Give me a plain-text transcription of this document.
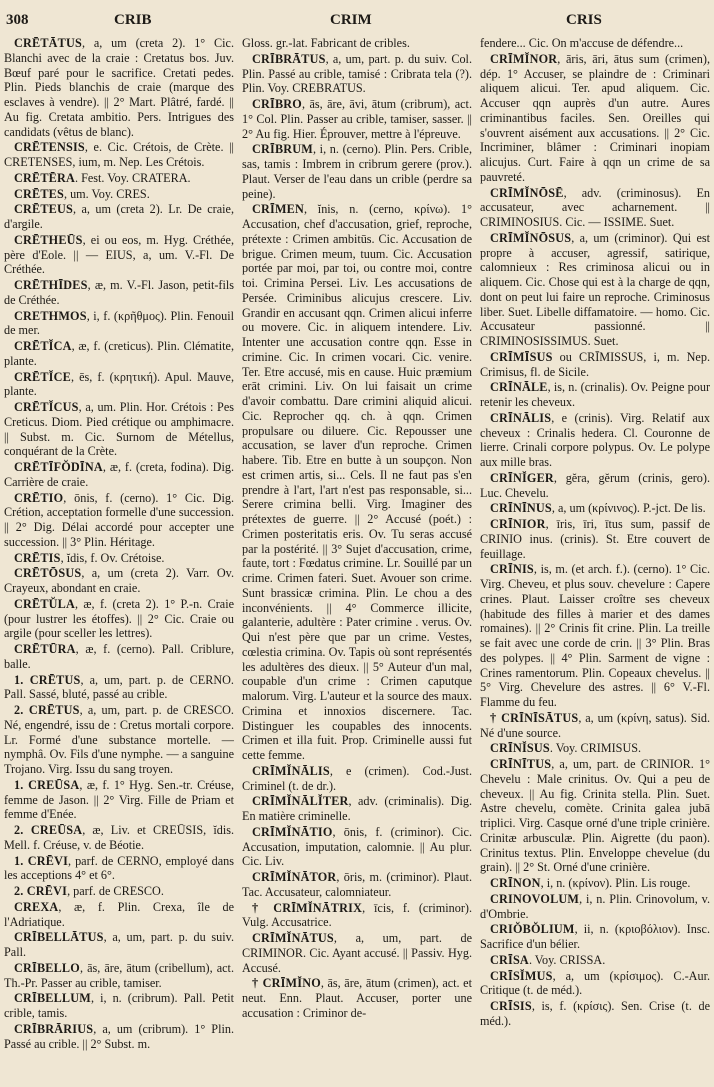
308	CRIB	CRIM	CRIS

CRĒTĀTUS, a, um (creta 2). 1° Cic. Blanchi avec de la craie : Cretatus bos. Juv. Bœuf paré pour le sacrifice. Cretati pedes. Plin. Pieds blanchis de craie (marque des esclaves à vendre). || 2° Mart. Plâtré, fardé. || Au fig. Cretata ambitio. Pers. Intrigues des candidats (vêtus de blanc).

CRĒTENSIS, e. Cic. Crétois, de Crète. || CRETENSES, ium, m. Nep. Les Crétois.

CRĒTĒRA. Fest. Voy. CRATERA.

CRĒTES, um. Voy. CRES.

CRĒTEUS, a, um (creta 2). Lr. De craie, d'argile.

CRĒTHEŪS, ei ou eos, m. Hyg. Créthée, père d'Eole. || — EIUS, a, um. V.-Fl. De Créthée.

CRĒTHĪDES, æ, m. V.-Fl. Jason, petit-fils de Créthée.

CRETHMOS, i, f. (κρῆθμος). Plin. Fenouil de mer.

CRĒTĬCA, æ, f. (creticus). Plin. Clématite, plante.

CRĒTĬCE, ēs, f. (κρητική). Apul. Mauve, plante.

CRĒTĬCUS, a, um. Plin. Hor. Crétois : Pes Creticus. Diom. Pied crétique ou amphimacre. || Subst. m. Cic. Surnom de Métellus, conquérant de la Crète.

CRĒTĪFŎDĪNA, æ, f. (creta, fodina). Dig. Carrière de craie.

CRĒTIO, ōnis, f. (cerno). 1° Cic. Dig. Crétion, acceptation formelle d'une succession. || 2° Dig. Délai accordé pour accepter une succession. || 3° Plin. Héritage.

CRĒTIS, ĭdis, f. Ov. Crétoise.

CRĒTŌSUS, a, um (creta 2). Varr. Ov. Crayeux, abondant en craie.

CRĒTŬLA, æ, f. (creta 2). 1° P.-n. Craie (pour lustrer les étoffes). || 2° Cic. Craie ou argile (pour sceller les lettres).

CRĒTŪRA, æ, f. (cerno). Pall. Criblure, balle.

1. CRĒTUS, a, um, part. p. de CERNO. Pall. Sassé, bluté, passé au crible.

2. CRĒTUS, a, um, part. p. de CRESCO. Né, engendré, issu de : Cretus mortali corpore. Lr. Formé d'une substance mortelle. — nymphâ. Ov. Fils d'une nymphe. — a sanguine Trojano. Virg. Issu du sang troyen.

1. CREŪSA, æ, f. 1° Hyg. Sen.-tr. Créuse, femme de Jason. || 2° Virg. Fille de Priam et femme d'Enée.

2. CREŪSA, æ, Liv. et CREŪSIS, ĭdis. Mell. f. Créuse, v. de Béotie.

1. CRĒVI, parf. de CERNO, employé dans les acceptions 4° et 6°.

2. CRĒVI, parf. de CRESCO.

CREXA, æ, f. Plin. Crexa, île de l'Adriatique.

CRĪBELLĀTUS, a, um, part. p. du suiv. Pall.

CRĪBELLO, ās, āre, ātum (cribellum), act. Th.-Pr. Passer au crible, tamiser.

CRĪBELLUM, i, n. (cribrum). Pall. Petit crible, tamis.

CRĪBRĀRIUS, a, um (cribrum). 1° Plin. Passé au crible. || 2° Subst. m.

Gloss. gr.-lat. Fabricant de cribles.

CRĪBRĀTUS, a, um, part. p. du suiv. Col. Plin. Passé au crible, tamisé : Cribrata tela (?). Plin. Voy. CREBRATUS.

CRĪBRO, ās, āre, āvi, ātum (cribrum), act. 1° Col. Plin. Passer au crible, tamiser, sasser. || 2° Au fig. Hier. Éprouver, mettre à l'épreuve.

CRĪBRUM, i, n. (cerno). Plin. Pers. Crible, sas, tamis : Imbrem in cribrum gerere (prov.). Plaut. Verser de l'eau dans un crible (perdre sa peine).

CRĪMEN, ĭnis, n. (cerno, κρίνω). 1° Accusation, chef d'accusation, grief, reproche, prétexte : Crimen ambitūs. Cic. Accusation de brigue. Crimen meum, tuum. Cic. Accusation portée par moi, par toi, ou contre moi, contre toi. Crimina Persei. Liv. Les accusations de Persée. Criminibus alicujus crescere. Liv. Grandir en accusant qqn. Crimen alicui inferre ou movere. Cic. in aliquem intendere. Liv. Intenter une accusation contre qqn. Esse in crimine. Cic. In crimen vocari. Cic. venire. Ter. Etre accusé, mis en cause. Huic præmium erāt crimini. Liv. On lui faisait un crime d'avoir combattu. Dare crimini aliquid alicui. Cic. Reprocher qq. ch. à qqn. Crimen propulsare ou diluere. Cic. Repousser une accusation, se laver d'un reproche. Crimen habere. Tib. Etre en butte à un soupçon. Non est crimen artis, si... Cels. Il ne faut pas s'en prendre à l'art, l'art n'est pas responsable, si... Serere crimina belli. Virg. Imaginer des prétextes de guerre. || 2° Accusé (poét.) : Crimen posteritatis eris. Ov. Tu seras accusé par la postérité. || 3° Sujet d'accusation, crime, faute, tort : Fœdatus crimine. Lr. Souillé par un crime. Crimen fateri. Suet. Avouer son crime. Sunt brassicæ crimina. Plin. Le chou a des inconvénients. || 4° Commerce illicite, galanterie, adultère : Pater crimine . verus. Ov. Qui n'est père que par un crime. Vestes, cœlestia crimina. Ov. Tapis où sont représentés les adultères des dieux. || 5° Auteur d'un mal, coupable d'un crime : Crimen caputque malorum. Virg. L'auteur et la source des maux. Crimina et innoxios discernere. Tac. Distinguer les coupables des innocents. Crimen et illa fuit. Prop. Criminelle aussi fut cette femme.

CRĪMĬNĀLIS, e (crimen). Cod.-Just. Criminel (t. de dr.).

CRĪMĬNĀLĬTER, adv. (criminalis). Dig. En matière criminelle.

CRĪMĬNĀTIO, ōnis, f. (criminor). Cic. Accusation, imputation, calomnie. || Au plur. Cic. Liv.

CRĪMĬNĀTOR, ōris, m. (criminor). Plaut. Tac. Accusateur, calomniateur.

† CRĪMĬNĀTRIX, īcis, f. (criminor). Vulg. Accusatrice.

CRĪMĬNĀTUS, a, um, part. de CRIMINOR. Cic. Ayant accusé. || Passiv. Hyg. Accusé.

† CRĪMĬNO, ās, āre, ātum (crimen), act. et neut. Enn. Plaut. Accuser, porter une accusation : Criminor de-

fendere... Cic. On m'accuse de défendre...

CRĪMĬNOR, āris, āri, ātus sum (crimen), dép. 1° Accuser, se plaindre de : Criminari aliquem alicui. Ter. apud aliquem. Cic. Accuser qqn auprès d'un autre. Aures criminantibus faciles. Sen. Oreilles qui s'ouvrent aisément aux accusations. || 2° Cic. Incriminer, blâmer : Criminari inopiam alicujus. Curt. Faire à qqn un crime de sa pauvreté.

CRĪMĬNŌSĒ, adv. (criminosus). En accusateur, avec acharnement. || CRIMINOSIUS. Cic. — ISSIME. Suet.

CRĪMĬNŌSUS, a, um (criminor). Qui est propre à accuser, agressif, satirique, calomnieux : Res criminosa alicui ou in aliquem. Cic. Chose qui est à la charge de qqn, dont on peut lui faire un reproche. Criminosus liber. Suet. Libelle diffamatoire. — homo. Cic. Accusateur passionné. || CRIMINOSISSIMUS. Suet.

CRĪMĪSUS ou CRĪMISSUS, i, m. Nep. Crimisus, fl. de Sicile.

CRĪNĀLE, is, n. (crinalis). Ov. Peigne pour retenir les cheveux.

CRĪNĀLIS, e (crinis). Virg. Relatif aux cheveux : Crinalis hedera. Cl. Couronne de lierre. Crinali corpore polypus. Ov. Le polype aux mille bras.

CRĪNĬGER, gĕra, gĕrum (crinis, gero). Luc. Chevelu.

CRĪNĪNUS, a, um (κρίνινος). P.-jct. De lis.

CRĪNIOR, īris, īri, ītus sum, passif de CRINIO inus. (crinis). St. Etre couvert de feuillage.

CRĪNIS, is, m. (et arch. f.). (cerno). 1° Cic. Virg. Cheveu, et plus souv. chevelure : Capere crines. Plaut. Laisser croître ses cheveux (habitude des filles à marier et des dames romaines). || 2° Crinis fit crine. Plin. La treille se fait avec une corde de crin. || 3° Plin. Bras des polypes. || 4° Plin. Sarment de vigne : Crines ramentorum. Plin. Copeaux chevelus. || 5° Virg. Chevelure des astres. || 6° V.-Fl. Flamme du feu.

† CRĪNĪSĀTUS, a, um (κρίνη, satus). Sid. Né d'une source.

CRĪNĬSUS. Voy. CRIMISUS.

CRĪNĪTUS, a, um, part. de CRINIOR. 1° Chevelu : Male crinitus. Ov. Qui a peu de cheveux. || Au fig. Crinita stella. Plin. Suet. Astre chevelu, comète. Crinita galea jubā triplici. Virg. Casque orné d'une triple crinière. Crinitæ arbusculæ. Plin. Aigrette (du paon). Crinitus textus. Plin. Enveloppe chevelue (du grain). || 2° St. Orné d'une crinière.

CRĪNON, i, n. (κρίνον). Plin. Lis rouge.

CRINOVOLUM, i, n. Plin. Crinovolum, v. d'Ombrie.

CRIŎBŎLIUM, ii, n. (κριοβόλιον). Insc. Sacrifice d'un bélier.

CRĪSA. Voy. CRISSA.

CRĪSĬMUS, a, um (κρίσιμος). C.-Aur. Critique (t. de méd.).

CRĪSIS, is, f. (κρίσις). Sen. Crise (t. de méd.).
